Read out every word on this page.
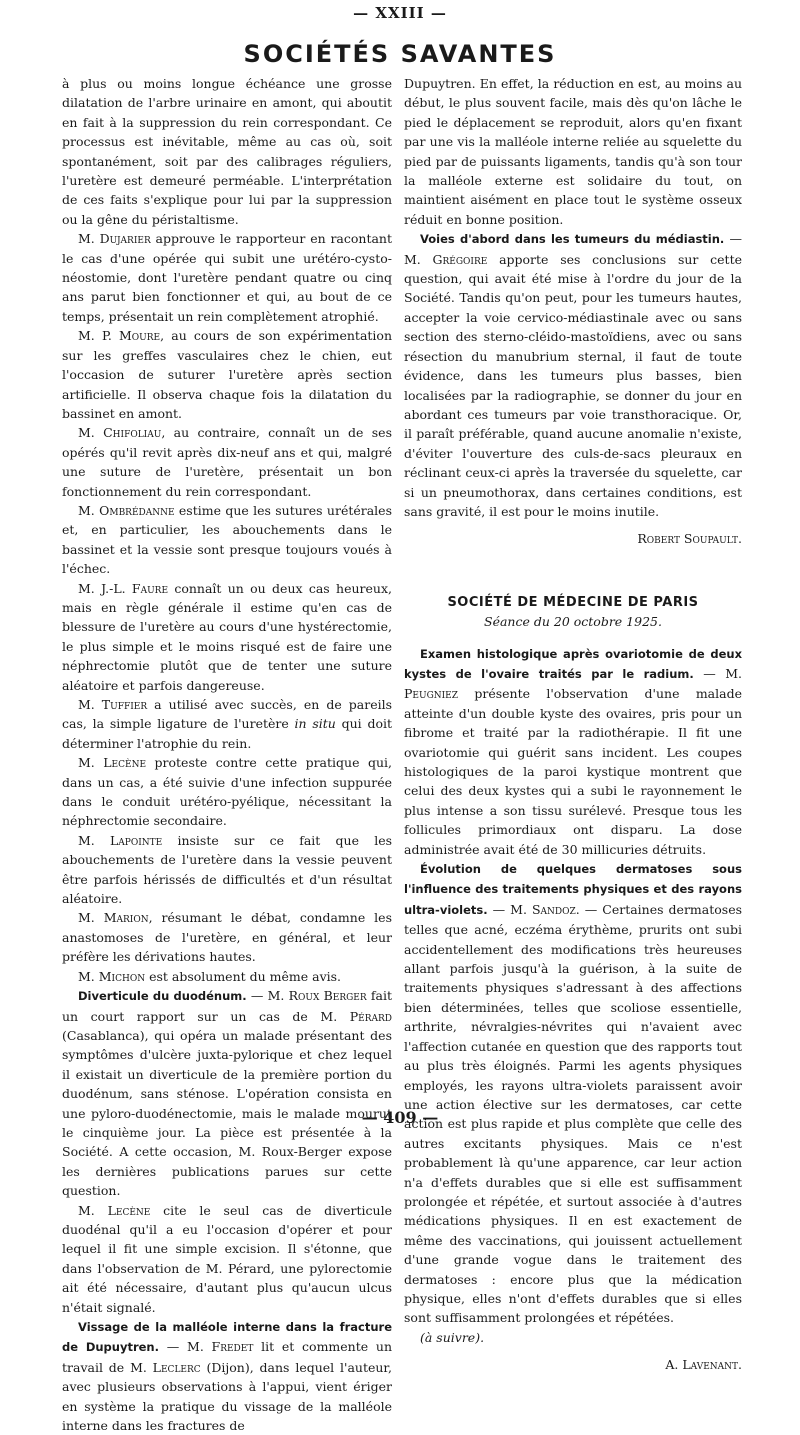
— XXIII —
SOCIÉTÉS SAVANTES

à plus ou moins longue échéance une grosse dilatation de l'arbre urinaire en amont, qui aboutit en fait à la suppression du rein correspondant. Ce processus est inévitable, même au cas où, soit spontanément, soit par des calibrages réguliers, l'uretère est demeuré perméable. L'interprétation de ces faits s'explique pour lui par la suppression ou la gêne du péristaltisme.

M. Dujarier approuve le rapporteur en racontant le cas d'une opérée qui subit une urétéro-cysto-néostomie, dont l'uretère pendant quatre ou cinq ans parut bien fonctionner et qui, au bout de ce temps, présentait un rein complètement atrophié.

M. P. Moure, au cours de son expérimentation sur les greffes vasculaires chez le chien, eut l'occasion de suturer l'uretère après section artificielle. Il observa chaque fois la dilatation du bassinet en amont.

M. Chifoliau, au contraire, connaît un de ses opérés qu'il revit après dix-neuf ans et qui, malgré une suture de l'uretère, présentait un bon fonctionnement du rein correspondant.

M. Ombrédanne estime que les sutures urétérales et, en particulier, les abouchements dans le bassinet et la vessie sont presque toujours voués à l'échec.

M. J.-L. Faure connaît un ou deux cas heureux, mais en règle générale il estime qu'en cas de blessure de l'uretère au cours d'une hystérectomie, le plus simple et le moins risqué est de faire une néphrectomie plutôt que de tenter une suture aléatoire et parfois dangereuse.

M. Tuffier a utilisé avec succès, en de pareils cas, la simple ligature de l'uretère in situ qui doit déterminer l'atrophie du rein.

M. Lecène proteste contre cette pratique qui, dans un cas, a été suivie d'une infection suppurée dans le conduit urétéro-pyélique, nécessitant la néphrectomie secondaire.

M. Lapointe insiste sur ce fait que les abouchements de l'uretère dans la vessie peuvent être parfois hérissés de difficultés et d'un résultat aléatoire.

M. Marion, résumant le débat, condamne les anastomoses de l'uretère, en général, et leur préfère les dérivations hautes.

M. Michon est absolument du même avis.

Diverticule du duodénum. — M. Roux Berger fait un court rapport sur un cas de M. Pérard (Casablanca), qui opéra un malade présentant des symptômes d'ulcère juxta-pylorique et chez lequel il existait un diverticule de la première portion du duodénum, sans sténose. L'opération consista en une pyloro-duodénectomie, mais le malade mourut le cinquième jour. La pièce est présentée à la Société. A cette occasion, M. Roux-Berger expose les dernières publications parues sur cette question.

M. Lecène cite le seul cas de diverticule duodénal qu'il a eu l'occasion d'opérer et pour lequel il fit une simple excision. Il s'étonne, que dans l'observation de M. Pérard, une pylorectomie ait été nécessaire, d'autant plus qu'aucun ulcus n'était signalé.

Vissage de la malléole interne dans la fracture de Dupuytren. — M. Fredet lit et commente un travail de M. Leclerc (Dijon), dans lequel l'auteur, avec plusieurs observations à l'appui, vient ériger en système la pratique du vissage de la malléole interne dans les fractures de

Dupuytren. En effet, la réduction en est, au moins au début, le plus souvent facile, mais dès qu'on lâche le pied le déplacement se reproduit, alors qu'en fixant par une vis la malléole interne reliée au squelette du pied par de puissants ligaments, tandis qu'à son tour la malléole externe est solidaire du tout, on maintient aisément en place tout le système osseux réduit en bonne position.

Voies d'abord dans les tumeurs du médiastin. — M. Grégoire apporte ses conclusions sur cette question, qui avait été mise à l'ordre du jour de la Société. Tandis qu'on peut, pour les tumeurs hautes, accepter la voie cervico-médiastinale avec ou sans section des sterno-cléido-mastoïdiens, avec ou sans résection du manubrium sternal, il faut de toute évidence, dans les tumeurs plus basses, bien localisées par la radiographie, se donner du jour en abordant ces tumeurs par voie transthoracique. Or, il paraît préférable, quand aucune anomalie n'existe, d'éviter l'ouverture des culs-de-sacs pleuraux en réclinant ceux-ci après la traversée du squelette, car si un pneumothorax, dans certaines conditions, est sans gravité, il est pour le moins inutile.

Robert Soupault.

SOCIÉTÉ DE MÉDECINE DE PARIS

Séance du 20 octobre 1925.

Examen histologique après ovariotomie de deux kystes de l'ovaire traités par le radium. — M. Peugniez présente l'observation d'une malade atteinte d'un double kyste des ovaires, pris pour un fibrome et traité par la radiothérapie. Il fit une ovariotomie qui guérit sans incident. Les coupes histologiques de la paroi kystique montrent que celui des deux kystes qui a subi le rayonnement le plus intense a son tissu surélevé. Presque tous les follicules primordiaux ont disparu. La dose administrée avait été de 30 millicuries détruits.

Évolution de quelques dermatoses sous l'influence des traitements physiques et des rayons ultra-violets. — M. Sandoz. — Certaines dermatoses telles que acné, eczéma érythème, prurits ont subi accidentellement des modifications très heureuses allant parfois jusqu'à la guérison, à la suite de traitements physiques s'adressant à des affections bien déterminées, telles que scoliose essentielle, arthrite, névralgies-névrites qui n'avaient avec l'affection cutanée en question que des rapports tout au plus très éloignés. Parmi les agents physiques employés, les rayons ultra-violets paraissent avoir une action élective sur les dermatoses, car cette action est plus rapide et plus complète que celle des autres excitants physiques. Mais ce n'est probablement là qu'une apparence, car leur action n'a d'effets durables que si elle est suffisamment prolongée et répétée, et surtout associée à d'autres médications physiques. Il en est exactement de même des vaccinations, qui jouissent actuellement d'une grande vogue dans le traitement des dermatoses : encore plus que la médication physique, elles n'ont d'effets durables que si elles sont suffisamment prolongées et répétées.

(à suivre).

A. Lavenant.

— 409 —
